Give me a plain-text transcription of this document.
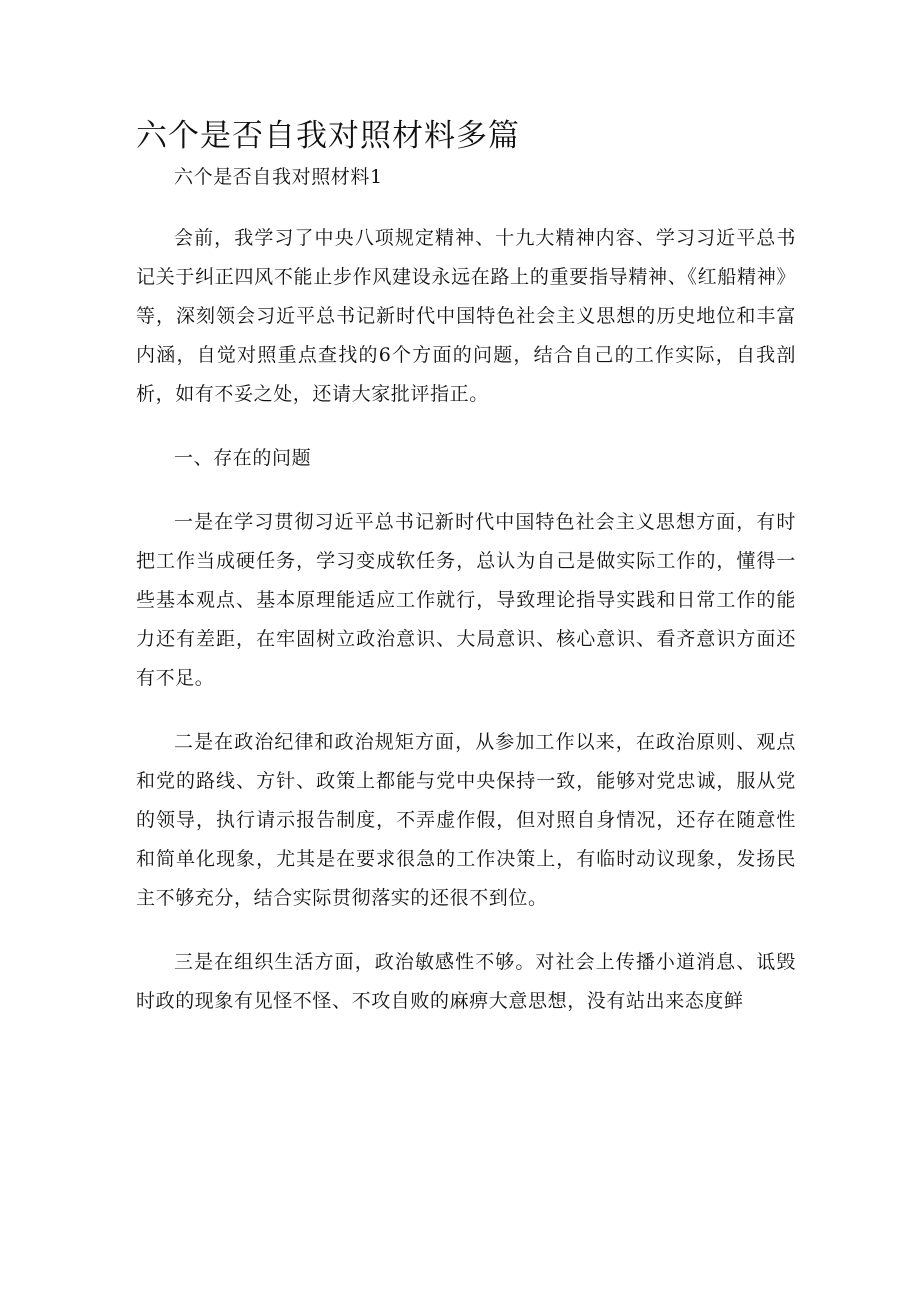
六个是否自我对照材料多篇

六个是否自我对照材料1

会前，我学习了中央八项规定精神、十九大精神内容、学习习近平总书记关于纠正四风不能止步作风建设永远在路上的重要指导精神、《红船精神》等，深刻领会习近平总书记新时代中国特色社会主义思想的历史地位和丰富内涵，自觉对照重点查找的6个方面的问题，结合自己的工作实际，自我剖析，如有不妥之处，还请大家批评指正。

一、存在的问题

一是在学习贯彻习近平总书记新时代中国特色社会主义思想方面，有时把工作当成硬任务，学习变成软任务，总认为自己是做实际工作的，懂得一些基本观点、基本原理能适应工作就行，导致理论指导实践和日常工作的能力还有差距，在牢固树立政治意识、大局意识、核心意识、看齐意识方面还有不足。

二是在政治纪律和政治规矩方面，从参加工作以来，在政治原则、观点和党的路线、方针、政策上都能与党中央保持一致，能够对党忠诚，服从党的领导，执行请示报告制度，不弄虚作假，但对照自身情况，还存在随意性和简单化现象，尤其是在要求很急的工作决策上，有临时动议现象，发扬民主不够充分，结合实际贯彻落实的还很不到位。

三是在组织生活方面，政治敏感性不够。对社会上传播小道消息、诋毁时政的现象有见怪不怪、不攻自败的麻痹大意思想，没有站出来态度鲜
